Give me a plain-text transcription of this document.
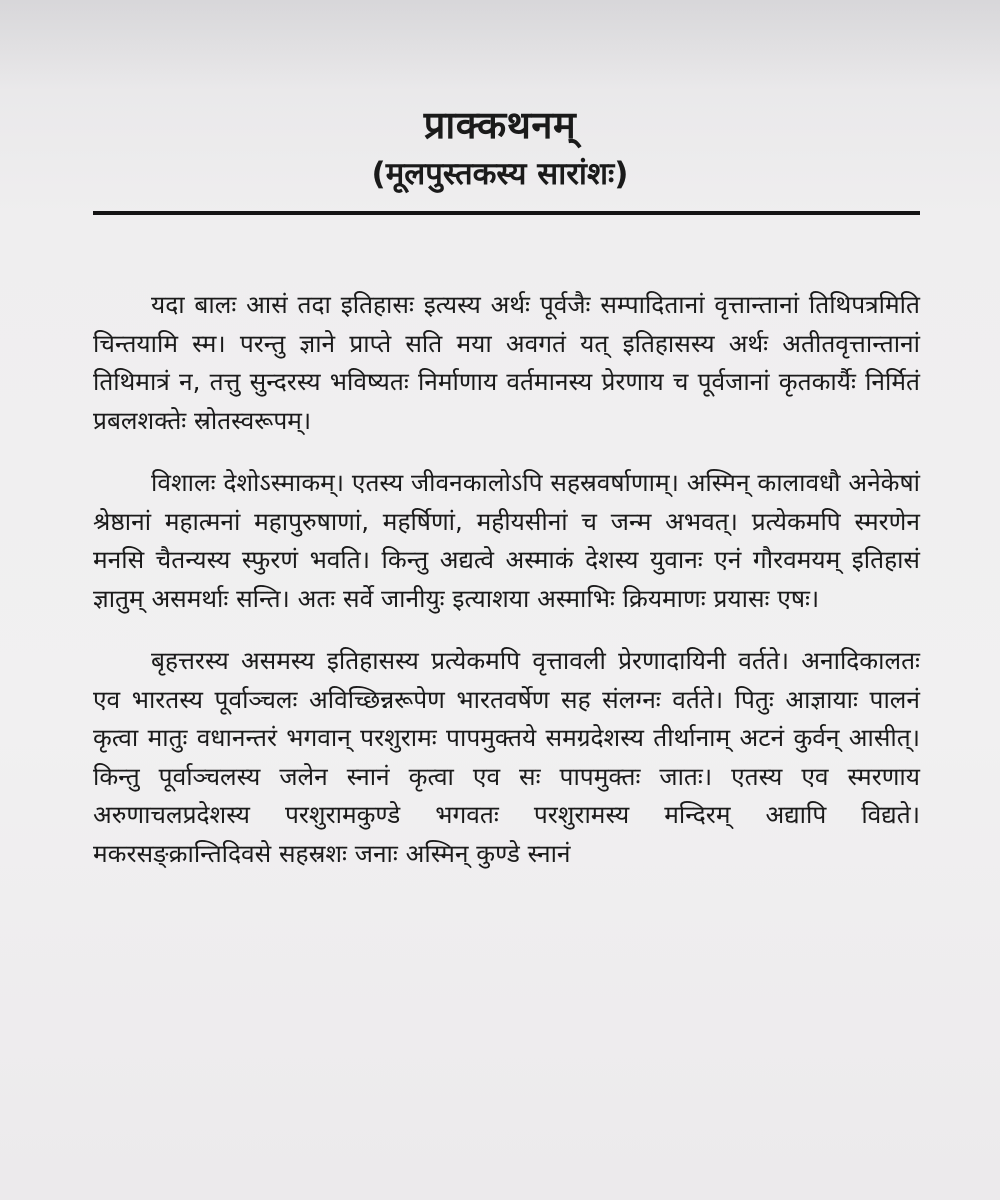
प्राक्कथनम्
(मूलपुस्तकस्य सारांशः)

यदा बालः आसं तदा इतिहासः इत्यस्य अर्थः पूर्वजैः सम्पादितानां वृत्तान्तानां तिथिपत्रमिति चिन्तयामि स्म। परन्तु ज्ञाने प्राप्ते सति मया अवगतं यत् इतिहासस्य अर्थः अतीतवृत्तान्तानां तिथिमात्रं न, तत्तु सुन्दरस्य भविष्यतः निर्माणाय वर्तमानस्य प्रेरणाय च पूर्वजानां कृतकार्यैः निर्मितं प्रबलशक्तेः स्रोतस्वरूपम्।

विशालः देशोऽस्माकम्। एतस्य जीवनकालोऽपि सहस्रवर्षाणाम्। अस्मिन् कालावधौ अनेकेषां श्रेष्ठानां महात्मनां महापुरुषाणां, महर्षिणां, महीयसीनां च जन्म अभवत्। प्रत्येकमपि स्मरणेन मनसि चैतन्यस्य स्फुरणं भवति। किन्तु अद्यत्वे अस्माकं देशस्य युवानः एनं गौरवमयम् इतिहासं ज्ञातुम् असमर्थाः सन्ति। अतः सर्वे जानीयुः इत्याशया अस्माभिः क्रियमाणः प्रयासः एषः।

बृहत्तरस्य असमस्य इतिहासस्य प्रत्येकमपि वृत्तावली प्रेरणादायिनी वर्तते। अनादिकालतः एव भारतस्य पूर्वाञ्चलः अविच्छिन्नरूपेण भारतवर्षेण सह संलग्नः वर्तते। पितुः आज्ञायाः पालनं कृत्वा मातुः वधानन्तरं भगवान् परशुरामः पापमुक्तये समग्रदेशस्य तीर्थानाम् अटनं कुर्वन् आसीत्। किन्तु पूर्वाञ्चलस्य जलेन स्नानं कृत्वा एव सः पापमुक्तः जातः। एतस्य एव स्मरणाय अरुणाचलप्रदेशस्य परशुरामकुण्डे भगवतः परशुरामस्य मन्दिरम् अद्यापि विद्यते। मकरसङ्क्रान्तिदिवसे सहस्रशः जनाः अस्मिन् कुण्डे स्नानं
